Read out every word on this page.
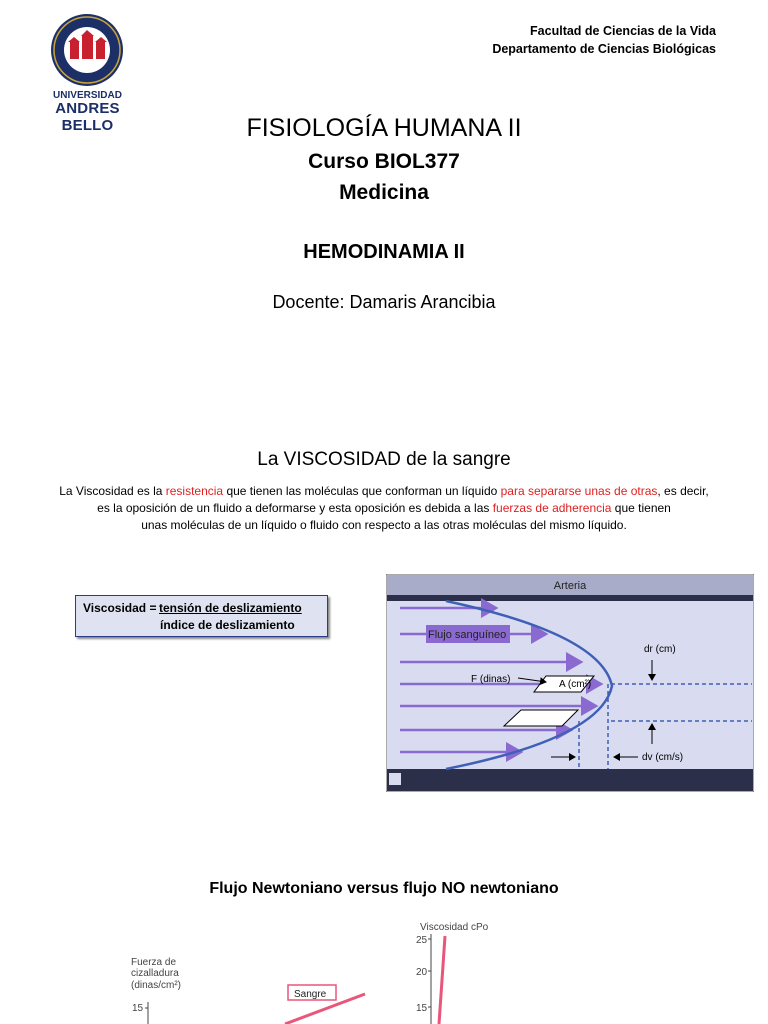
UNIVERSIDAD
ANDRES BELLO
Facultad de Ciencias de la Vida
Departamento de Ciencias Biológicas
FISIOLOGÍA HUMANA II
Curso BIOL377
Medicina
HEMODINAMIA II
Docente: Damaris Arancibia
La VISCOSIDAD de la sangre
La Viscosidad es la resistencia que tienen las moléculas que conforman un líquido para separarse unas de otras, es decir,
es la oposición de un fluido a deformarse y esta oposición es debida a las fuerzas de adherencia que tienen
unas moléculas de un líquido o fluido con respecto a las otras moléculas del mismo líquido.
Viscosidad = tensión de deslizamiento
índice de deslizamiento
Arteria
Flujo sanguíneo
A (cm²)
F (dinas)
dr (cm)
dv (cm/s)
Flujo Newtoniano versus flujo NO newtoniano
Fuerza de
cizalladura
(dinas/cm²)
15
Sangre
Viscosidad cPo
25
20
15
